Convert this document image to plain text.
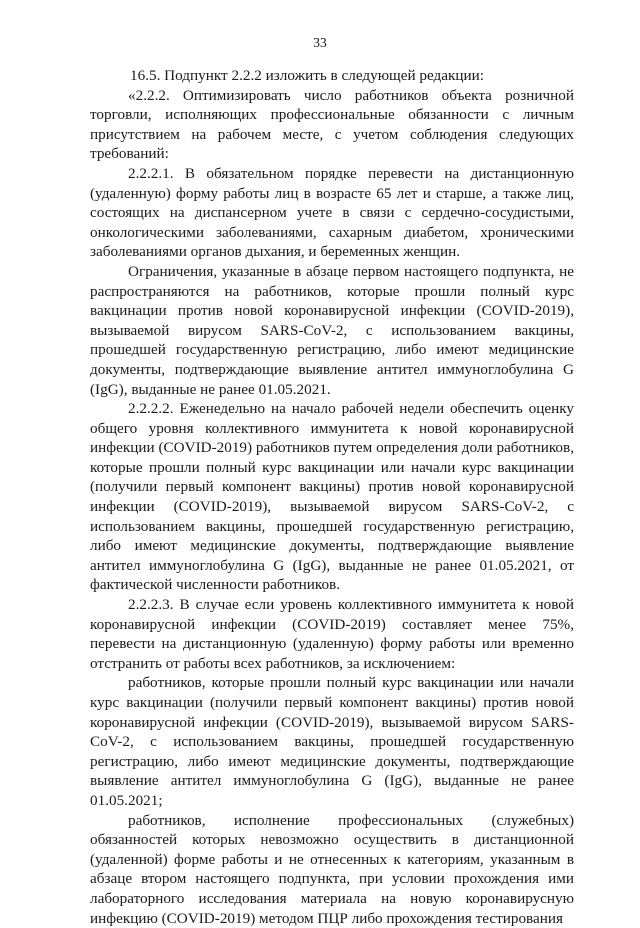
33

16.5. Подпункт 2.2.2 изложить в следующей редакции:

«2.2.2. Оптимизировать число работников объекта розничной торговли, исполняющих профессиональные обязанности с личным присутствием на рабочем месте, с учетом соблюдения следующих требований:

2.2.2.1. В обязательном порядке перевести на дистанционную (удаленную) форму работы лиц в возрасте 65 лет и старше, а также лиц, состоящих на диспансерном учете в связи с сердечно-сосудистыми, онкологическими заболеваниями, сахарным диабетом, хроническими заболеваниями органов дыхания, и беременных женщин.

Ограничения, указанные в абзаце первом настоящего подпункта, не распространяются на работников, которые прошли полный курс вакцинации против новой коронавирусной инфекции (COVID-2019), вызываемой вирусом SARS-CoV-2, с использованием вакцины, прошедшей государственную регистрацию, либо имеют медицинские документы, подтверждающие выявление антител иммуноглобулина G (IgG), выданные не ранее 01.05.2021.

2.2.2.2. Еженедельно на начало рабочей недели обеспечить оценку общего уровня коллективного иммунитета к новой коронавирусной инфекции (COVID-2019) работников путем определения доли работников, которые прошли полный курс вакцинации или начали курс вакцинации (получили первый компонент вакцины) против новой коронавирусной инфекции (COVID-2019), вызываемой вирусом SARS-CoV-2, с использованием вакцины, прошедшей государственную регистрацию, либо имеют медицинские документы, подтверждающие выявление антител иммуноглобулина G (IgG), выданные не ранее 01.05.2021, от фактической численности работников.

2.2.2.3. В случае если уровень коллективного иммунитета к новой коронавирусной инфекции (COVID-2019) составляет менее 75%, перевести на дистанционную (удаленную) форму работы или временно отстранить от работы всех работников, за исключением:

работников, которые прошли полный курс вакцинации или начали курс вакцинации (получили первый компонент вакцины) против новой коронавирусной инфекции (COVID-2019), вызываемой вирусом SARS-CoV-2, с использованием вакцины, прошедшей государственную регистрацию, либо имеют медицинские документы, подтверждающие выявление антител иммуноглобулина G (IgG), выданные не ранее 01.05.2021;

работников, исполнение профессиональных (служебных) обязанностей которых невозможно осуществить в дистанционной (удаленной) форме работы и не отнесенных к категориям, указанным в абзаце втором настоящего подпункта, при условии прохождения ими лабораторного исследования материала на новую коронавирусную инфекцию (COVID-2019) методом ПЦР либо прохождения тестирования
